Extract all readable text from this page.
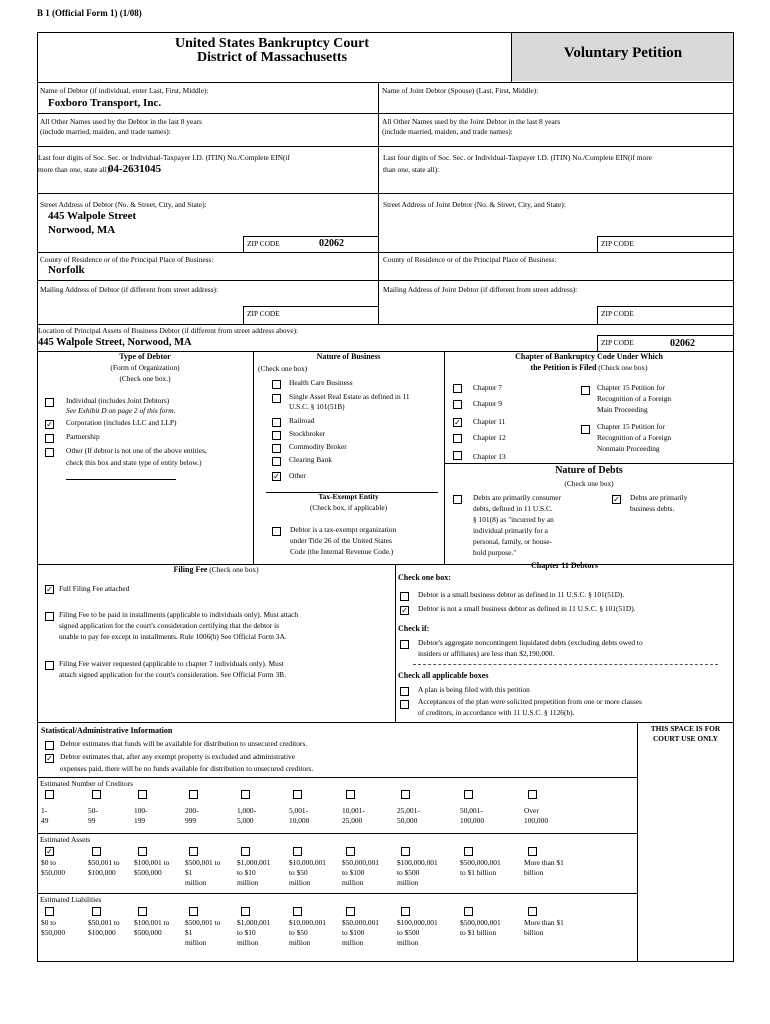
B 1 (Official Form 1) (1/08)
United States Bankruptcy Court
District of Massachusetts	Voluntary Petition
Name of Debtor (if individual, enter Last, First, Middle):
Foxboro Transport, Inc.
Name of Joint Debtor (Spouse) (Last, First, Middle):
All Other Names used by the Debtor in the last 8 years
(include married, maiden, and trade names):
All Other Names used by the Joint Debtor in the last 8 years
(include married, maiden, and trade names):
Last four digits of Soc. Sec. or Individual-Taxpayer I.D. (ITIN) No./Complete EIN(if
more than one, state all):
04-2631045
Last four digits of Soc. Sec. or Individual-Taxpayer I.D. (ITIN) No./Complete EIN(if more
than one, state all):
Street Address of Debtor (No. & Street, City, and State):
445 Walpole Street
Norwood, MA
ZIP CODE	02062
Street Address of Joint Debtor (No. & Street, City, and State):
ZIP CODE
County of Residence or of the Principal Place of Business:
Norfolk
County of Residence or of the Principal Place of Business:
Mailing Address of Debtor (if different from street address):	Mailing Address of Joint Debtor (if different from street address):
ZIP CODE	ZIP CODE
Location of Principal Assets of Business Debtor (if different from street address above):
445 Walpole Street, Norwood, MA	ZIP CODE	02062
Type of Debtor
(Form of Organization)
(Check one box.)
Individual (includes Joint Debtors)
See Exhibit D on page 2 of this form.
✓ Corporation (includes LLC and LLP)
Partnership
Other (If debtor is not one of the above entities,
check this box and state type of entity below.)
Nature of Business
(Check one box)
Health Care Business
Single Asset Real Estate as defined in 11
U.S.C. § 101(51B)
Railroad
Stockbroker
Commodity Broker
Clearing Bank
✓ Other
Tax-Exempt Entity
(Check box, if applicable)
Debtor is a tax-exempt organization
under Title 26 of the United States
Code (the Internal Revenue Code.)
Chapter of Bankruptcy Code Under Which
the Petition is Filed (Check one box)
Chapter 7
Chapter 9
✓ Chapter 11
Chapter 12
Chapter 13
Chapter 15 Petition for
Recognition of a Foreign
Main Proceeding
Chapter 15 Petition for
Recognition of a Foreign
Nonmain Proceeding
Nature of Debts
(Check one box)
Debts are primarily consumer
debts, defined in 11 U.S.C.
§ 101(8) as "incurred by an
individual primarily for a
personal, family, or house-
hold purpose."
✓ Debts are primarily
business debts.
Filing Fee (Check one box)
✓ Full Filing Fee attached
Filing Fee to be paid in installments (applicable to individuals only). Must attach
signed application for the court's consideration certifying that the debtor is
unable to pay fee except in installments. Rule 1006(b) See Official Form 3A.
Filing Fee waiver requested (applicable to chapter 7 individuals only). Must
attach signed application for the court's consideration. See Official Form 3B.
Chapter 11 Debtors
Check one box:
Debtor is a small business debtor as defined in 11 U.S.C. § 101(51D).
✓ Debtor is not a small business debtor as defined in 11 U.S.C. § 101(51D).
Check if:
Debtor's aggregate noncontingent liquidated debts (excluding debts owed to
insiders or affiliates) are less than $2,190,000.
Check all applicable boxes
A plan is being filed with this petition
Acceptances of the plan were solicited prepetition from one or more classes
of creditors, in accordance with 11 U.S.C. § 1126(b).
Statistical/Administrative Information
Debtor estimates that funds will be available for distribution to unsecured creditors.
✓ Debtor estimates that, after any exempt property is excluded and administrative
expenses paid, there will be no funds available for distribution to unsecured creditors.
THIS SPACE IS FOR
COURT USE ONLY
Estimated Number of Creditors
1-
49
50-
99
100-
199
200-
999
1,000-
5,000
5,001-
10,000
10,001-
25,000
25,001-
50,000
50,001-
100,000
Over
100,000
Estimated Assets
✓
$0 to
$50,000
$50,001 to
$100,000
$100,001 to
$500,000
$500,001 to
$1
million
$1,000,001
to $10
million
$10,000,001
to $50
million
$50,000,001
to $100
million
$100,000,001
to $500
million
$500,000,001
to $1 billion
More than $1
billion
Estimated Liabilities
$0 to
$50,000
$50,001 to
$100,000
$100,001 to
$500,000
$500,001 to
$1
million
$1,000,001
to $10
million
$10,000,001
to $50
million
$50,000,001
to $100
million
$100,000,001
to $500
million
$500,000,001
to $1 billion
More than $1
billion
